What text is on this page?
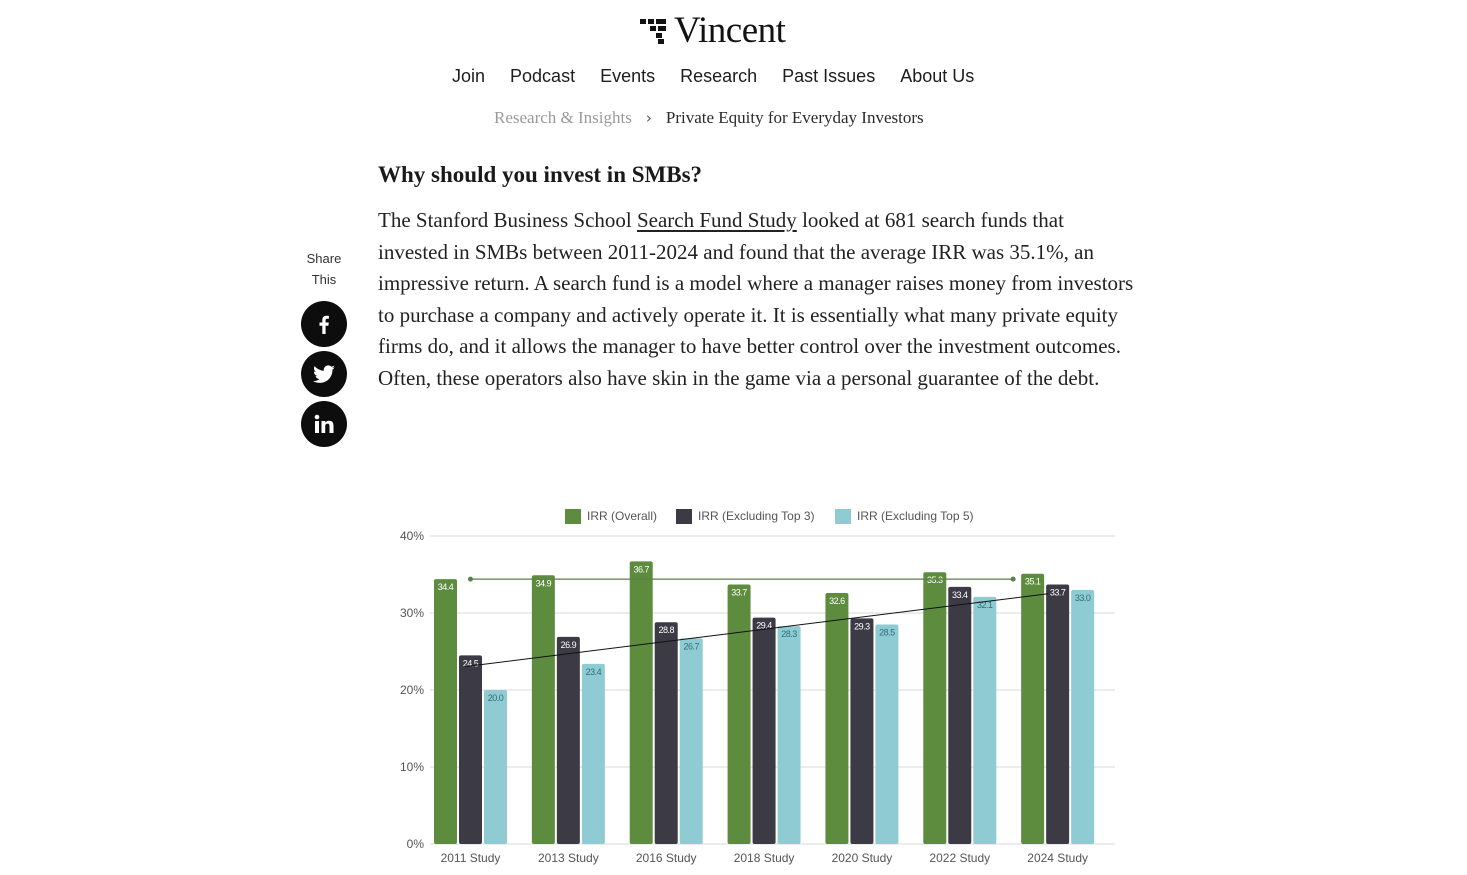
Vincent
Join Podcast Events Research Past Issues About Us
Research & Insights › Private Equity for Everyday Investors
Share
This
Why should you invest in SMBs?
The Stanford Business School Search Fund Study looked at 681 search funds that invested in SMBs between 2011-2024 and found that the average IRR was 35.1%, an impressive return. A search fund is a model where a manager raises money from investors to purchase a company and actively operate it. It is essentially what many private equity firms do, and it allows the manager to have better control over the investment outcomes. Often, these operators also have skin in the game via a personal guarantee of the debt.
0%
10%
20%
30%
40%
IRR (Overall)	IRR (Excluding Top 3)	IRR (Excluding Top 5)
34.4	34.9
36.7
33.7
32.6
35.3	35.1
24.5
26.9
28.8	29.4	29.3
33.4	33.7
20.0
23.4
26.7
28.3	28.5
32.1
33.0
2011 Study	2013 Study	2016 Study	2018 Study	2020 Study	2022 Study	2024 Study
